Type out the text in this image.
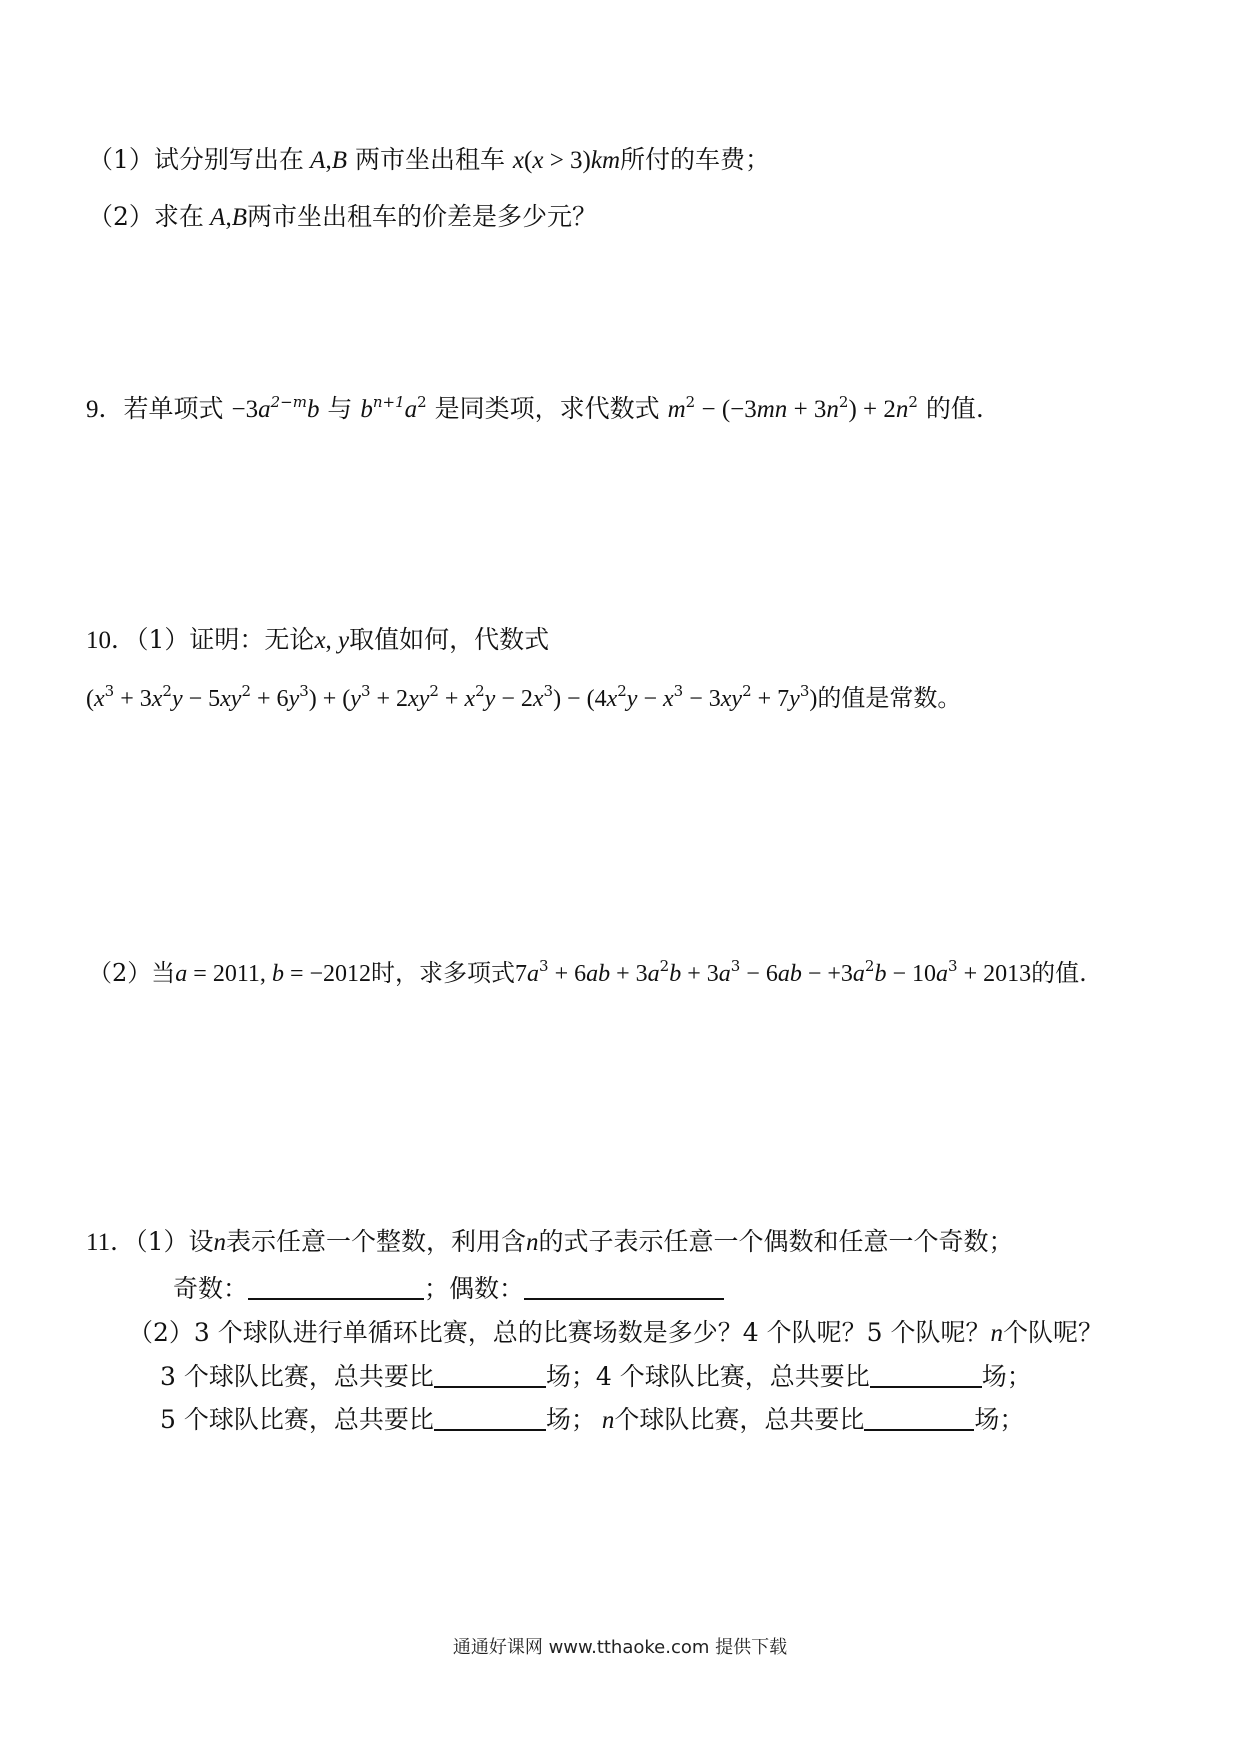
（1）试分别写出在 A,B 两市坐出租车 x(x > 3)km所付的车费；
（2）求在 A,B两市坐出租车的价差是多少元？
9．若单项式 $-3a^{2-m}b$ 与 $b^{n+1}a^2$ 是同类项，求代数式 $m^2 - (-3mn + 3n^2) + 2n^2$ 的值.
10．（1）证明：无论x, y取值如何，代数式
$(x^3 + 3x^2y - 5xy^2 + 6y^3) + (y^3 + 2xy^2 + x^2y - 2x^3) - (4x^2y - x^3 - 3xy^2 + 7y^3)$的值是常数。
（2）当a = 2011, b = −2012时，求多项式$7a^3 + 6ab + 3a^2b + 3a^3 - 6ab - +3a^2b - 10a^3 + 2013$的值.
11．（1）设n表示任意一个整数，利用含n的式子表示任意一个偶数和任意一个奇数；
奇数：	；偶数：
（2）3 个球队进行单循环比赛，总的比赛场数是多少？4 个队呢？5 个队呢？n个队呢？
3 个球队比赛，总共要比	场；4 个球队比赛，总共要比	场；
5 个球队比赛，总共要比	场； n个球队比赛，总共要比	场；
通通好课网 www.tthaoke.com 提供下载
